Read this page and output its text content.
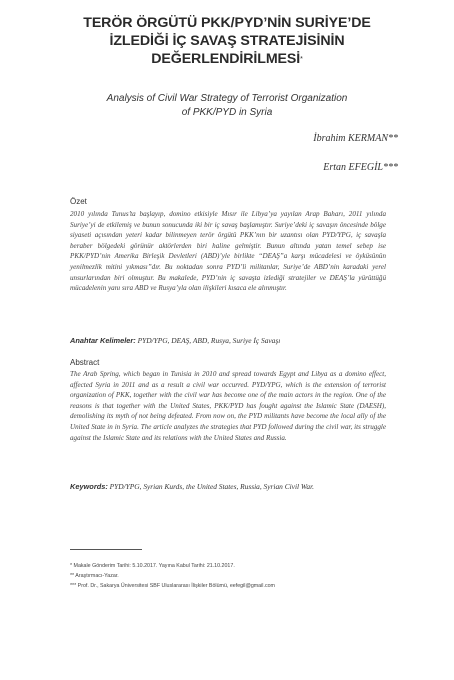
TERÖR ÖRGÜTÜ PKK/PYD’NİN SURİYE’DE
İZLEDİĞİ İÇ SAVAŞ STRATEJİSİNİN
DEĞERLENDİRİLMESİ*
Analysis of Civil War Strategy of Terrorist Organization
of PKK/PYD in Syria
İbrahim KERMAN**
Ertan EFEGİL***
Özet
2010 yılında Tunus’ta başlayıp, domino etkisiyle Mısır ile Libya’ya yayılan Arap Baharı, 2011 yılında Suriye’yi de etkilemiş ve bunun sonucunda iki bir iç savaş başlamıştır. Suriye’deki iç savaşın öncesinde bölge siyaseti açısından yeteri kadar bilinmeyen terör örgütü PKK’nın bir uzantısı olan PYD/YPG, iç savaşla beraber bölgedeki görünür aktörlerden biri haline gelmiştir. Bunun altında yatan temel sebep ise PKK/PYD’nin Amerika Birleşik Devletleri (ABD)’yle birlikte “DEAŞ”a karşı mücadelesi ve öyküsünün yenilmezlik mitini yıkması”dır. Bu noktadan sonra PYD’li militanlar, Suriye’de ABD’nin karadaki yerel unsurlarından biri olmuştur. Bu makalede, PYD’nin iç savaşta izlediği stratejiler ve DEAŞ’la yürüttüğü mücadelenin yanı sıra ABD ve Rusya’yla olan ilişkileri kısaca ele alınmıştır.
Anahtar Kelimeler: PYD/YPG, DEAŞ, ABD, Rusya, Suriye İç Savaşı
Abstract
The Arab Spring, which began in Tunisia in 2010 and spread towards Egypt and Libya as a domino effect, affected Syria in 2011 and as a result a civil war occurred. PYD/YPG, which is the extension of terrorist organization of PKK, together with the civil war has become one of the main actors in the region. One of the reasons is that together with the United States, PKK/PYD has fought against the Islamic State (DAESH), demolishing its myth of not being defeated. From now on, the PYD militants have become the local ally of the United State in in Syria. The article analyzes the strategies that PYD followed during the civil war, its struggle against the Islamic State and its relations with the United States and Russia.
Keywords: PYD/YPG, Syrian Kurds, the United States, Russia, Syrian Civil War.
* Makale Gönderim Tarihi: 5.10.2017. Yayına Kabul Tarihi: 21.10.2017.
** Araştırmacı-Yazar.
*** Prof. Dr., Sakarya Üniversitesi SBF Uluslararası İlişkiler Bölümü, eefegil@gmail.com
